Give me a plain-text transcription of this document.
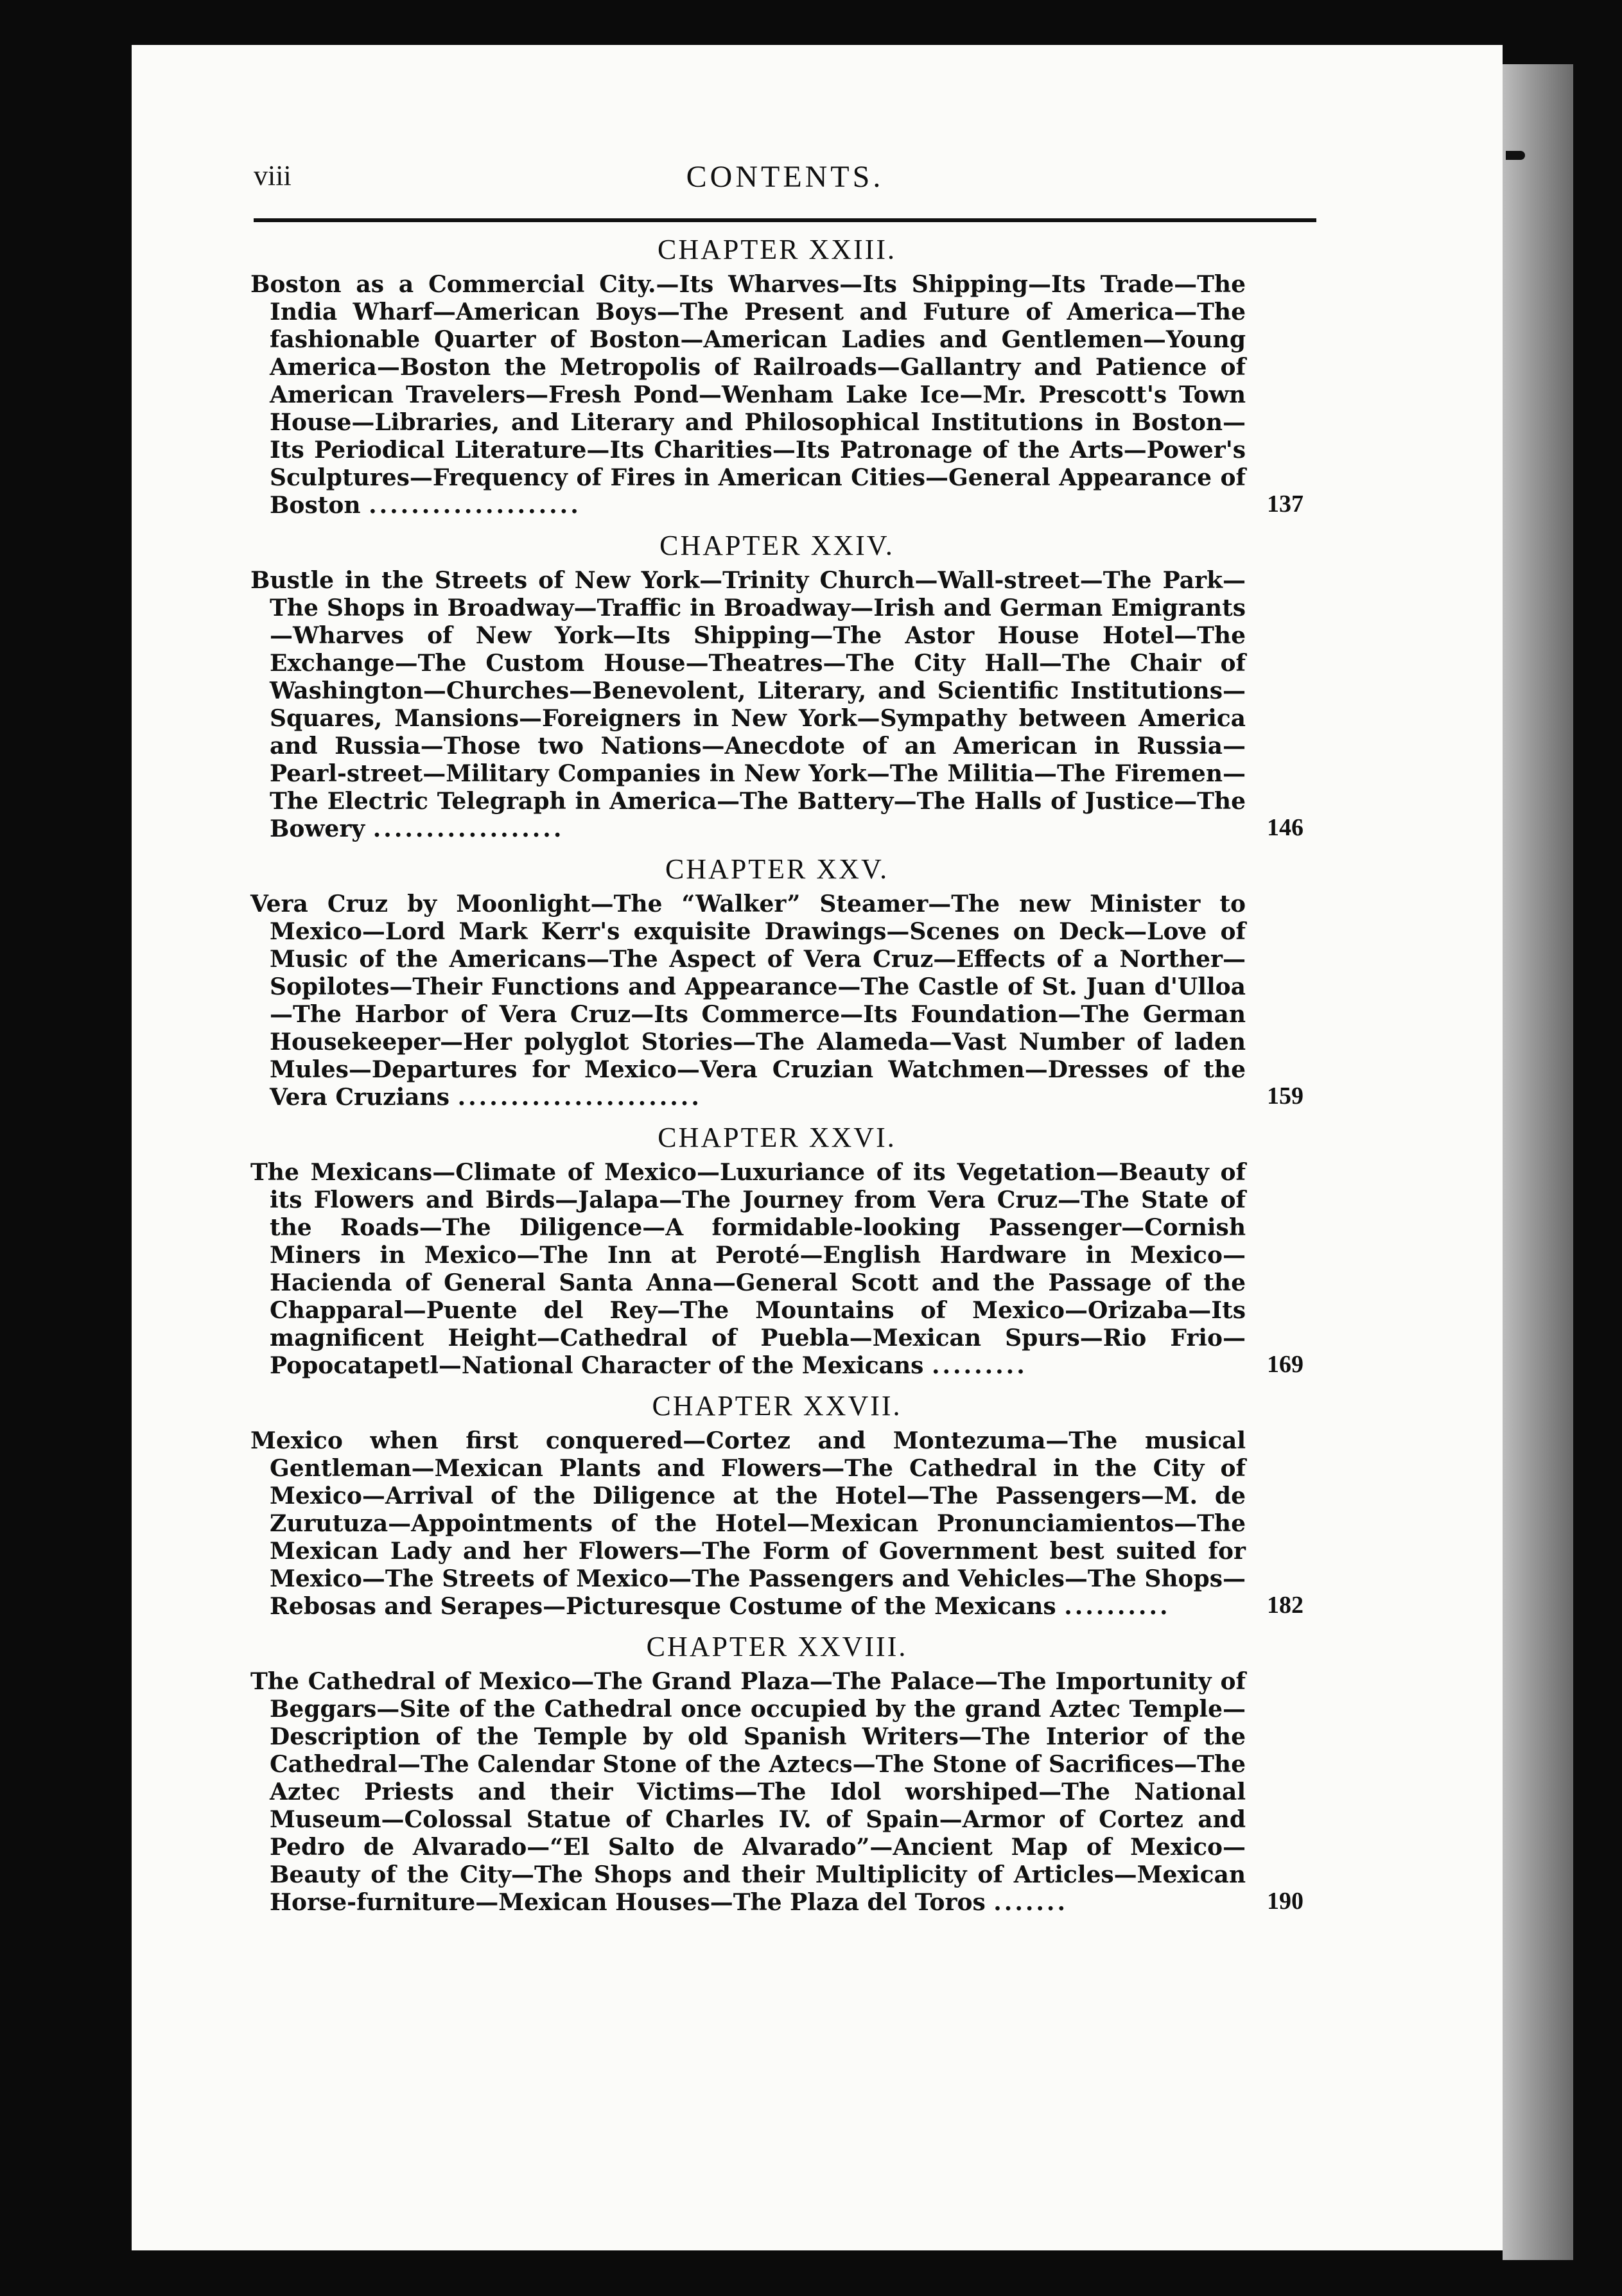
viii	CONTENTS.
CHAPTER XXIII.
Boston as a Commercial City.—Its Wharves—Its Shipping—Its Trade—The India Wharf—American Boys—The Present and Future of America—The fashionable Quarter of Boston—American Ladies and Gentlemen—Young America—Boston the Metropolis of Railroads—Gallantry and Patience of American Travelers—Fresh Pond—Wenham Lake Ice—Mr. Prescott's Town House—Libraries, and Literary and Philosophical Institutions in Boston—Its Periodical Literature—Its Charities—Its Patronage of the Arts—Power's Sculptures—Frequency of Fires in American Cities—General Appearance of Boston ....................	137
CHAPTER XXIV.
Bustle in the Streets of New York—Trinity Church—Wall-street—The Park—The Shops in Broadway—Traffic in Broadway—Irish and German Emigrants—Wharves of New York—Its Shipping—The Astor House Hotel—The Exchange—The Custom House—Theatres—The City Hall—The Chair of Washington—Churches—Benevolent, Literary, and Scientific Institutions—Squares, Mansions—Foreigners in New York—Sympathy between America and Russia—Those two Nations—Anecdote of an American in Russia—Pearl-street—Military Companies in New York—The Militia—The Firemen—The Electric Telegraph in America—The Battery—The Halls of Justice—The Bowery ..................	146
CHAPTER XXV.
Vera Cruz by Moonlight—The “Walker” Steamer—The new Minister to Mexico—Lord Mark Kerr's exquisite Drawings—Scenes on Deck—Love of Music of the Americans—The Aspect of Vera Cruz—Effects of a Norther—Sopilotes—Their Functions and Appearance—The Castle of St. Juan d'Ulloa—The Harbor of Vera Cruz—Its Commerce—Its Foundation—The German Housekeeper—Her polyglot Stories—The Alameda—Vast Number of laden Mules—Departures for Mexico—Vera Cruzian Watchmen—Dresses of the Vera Cruzians .......................	159
CHAPTER XXVI.
The Mexicans—Climate of Mexico—Luxuriance of its Vegetation—Beauty of its Flowers and Birds—Jalapa—The Journey from Vera Cruz—The State of the Roads—The Diligence—A formidable-looking Passenger—Cornish Miners in Mexico—The Inn at Peroté—English Hardware in Mexico—Hacienda of General Santa Anna—General Scott and the Passage of the Chapparal—Puente del Rey—The Mountains of Mexico—Orizaba—Its magnificent Height—Cathedral of Puebla—Mexican Spurs—Rio Frio—Popocatapetl—National Character of the Mexicans .........	169
CHAPTER XXVII.
Mexico when first conquered—Cortez and Montezuma—The musical Gentleman—Mexican Plants and Flowers—The Cathedral in the City of Mexico—Arrival of the Diligence at the Hotel—The Passengers—M. de Zurutuza—Appointments of the Hotel—Mexican Pronunciamientos—The Mexican Lady and her Flowers—The Form of Government best suited for Mexico—The Streets of Mexico—The Passengers and Vehicles—The Shops—Rebosas and Serapes—Picturesque Costume of the Mexicans ..........	182
CHAPTER XXVIII.
The Cathedral of Mexico—The Grand Plaza—The Palace—The Importunity of Beggars—Site of the Cathedral once occupied by the grand Aztec Temple—Description of the Temple by old Spanish Writers—The Interior of the Cathedral—The Calendar Stone of the Aztecs—The Stone of Sacrifices—The Aztec Priests and their Victims—The Idol worshiped—The National Museum—Colossal Statue of Charles IV. of Spain—Armor of Cortez and Pedro de Alvarado—“El Salto de Alvarado”—Ancient Map of Mexico—Beauty of the City—The Shops and their Multiplicity of Articles—Mexican Horse-furniture—Mexican Houses—The Plaza del Toros .......	190
